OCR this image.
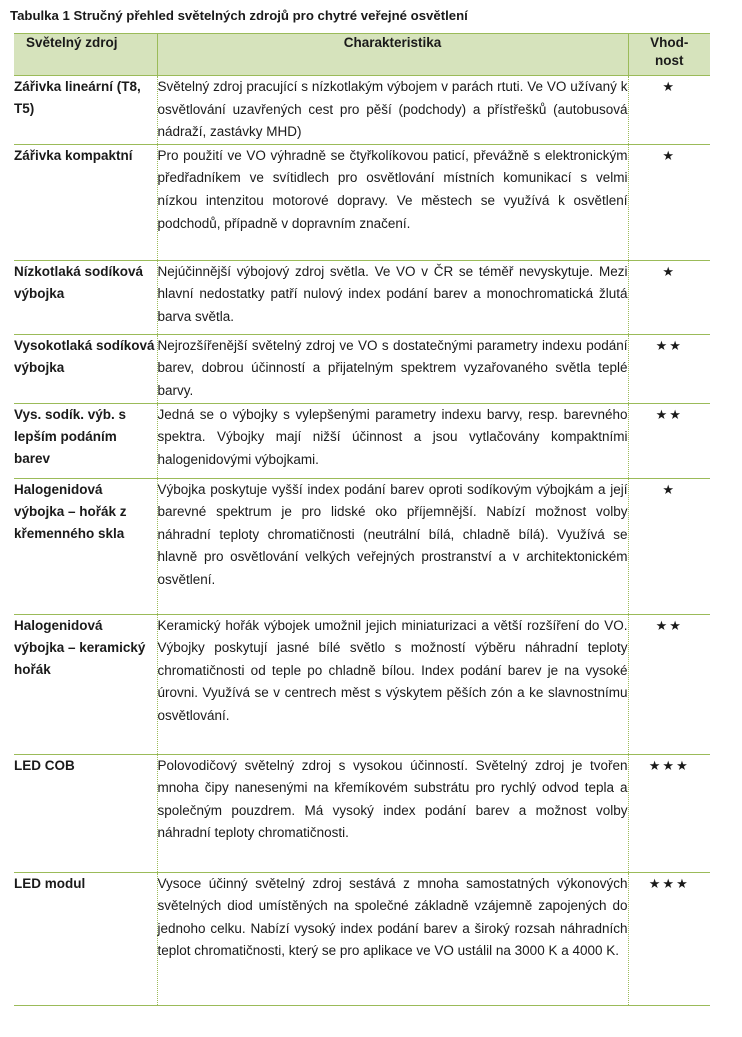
Tabulka 1 Stručný přehled světelných zdrojů pro chytré veřejné osvětlení
Světelný zdroj	Charakteristika	Vhod-
nost
Zářivka lineární (T8, T5)	Světelný zdroj pracující s nízkotlakým výbojem v parách rtuti. Ve VO užívaný k osvětlování uzavřených cest pro pěší (podchody) a přístřešků (autobusová nádraží, zastávky MHD)	★
Zářivka kompaktní	Pro použití ve VO výhradně se čtyřkolíkovou paticí, převážně s elektronickým předřadníkem ve svítidlech pro osvětlování místních komunikací s velmi nízkou intenzitou motorové dopravy. Ve městech se využívá k osvětlení podchodů, případně v dopravním značení.	★
Nízkotlaká sodíková výbojka	Nejúčinnější výbojový zdroj světla. Ve VO v ČR se téměř nevyskytuje. Mezi hlavní nedostatky patří nulový index podání barev a monochromatická žlutá barva světla.	★
Vysokotlaká sodíková výbojka	Nejrozšířenější světelný zdroj ve VO s dostatečnými parametry indexu podání barev, dobrou účinností a přijatelným spektrem vyzařovaného světla teplé barvy.	★★
Vys. sodík. výb. s lepším podáním barev	Jedná se o výbojky s vylepšenými parametry indexu barvy, resp. barevného spektra. Výbojky mají nižší účinnost a jsou vytlačovány kompaktními halogenidovými výbojkami.	★★
Halogenidová výbojka – hořák z křemenného skla	Výbojka poskytuje vyšší index podání barev oproti sodíkovým výbojkám a její barevné spektrum je pro lidské oko příjemnější. Nabízí možnost volby náhradní teploty chromatičnosti (neutrální bílá, chladně bílá). Využívá se hlavně pro osvětlování velkých veřejných prostranství a v architektonickém osvětlení.	★
Halogenidová výbojka – keramický hořák	Keramický hořák výbojek umožnil jejich miniaturizaci a větší rozšíření do VO. Výbojky poskytují jasné bílé světlo s možností výběru náhradní teploty chromatičnosti od teple po chladně bílou. Index podání barev je na vysoké úrovni. Využívá se v centrech měst s výskytem pěších zón a ke slavnostnímu osvětlování.	★★
LED COB	Polovodičový světelný zdroj s vysokou účinností. Světelný zdroj je tvořen mnoha čipy nanesenými na křemíkovém substrátu pro rychlý odvod tepla a společným pouzdrem. Má vysoký index podání barev a možnost volby náhradní teploty chromatičnosti.	★★★
LED modul	Vysoce účinný světelný zdroj sestává z mnoha samostatných výkonových světelných diod umístěných na společné základně vzájemně zapojených do jednoho celku. Nabízí vysoký index podání barev a široký rozsah náhradních teplot chromatičnosti, který se pro aplikace ve VO ustálil na 3000 K a 4000 K.	★★★
